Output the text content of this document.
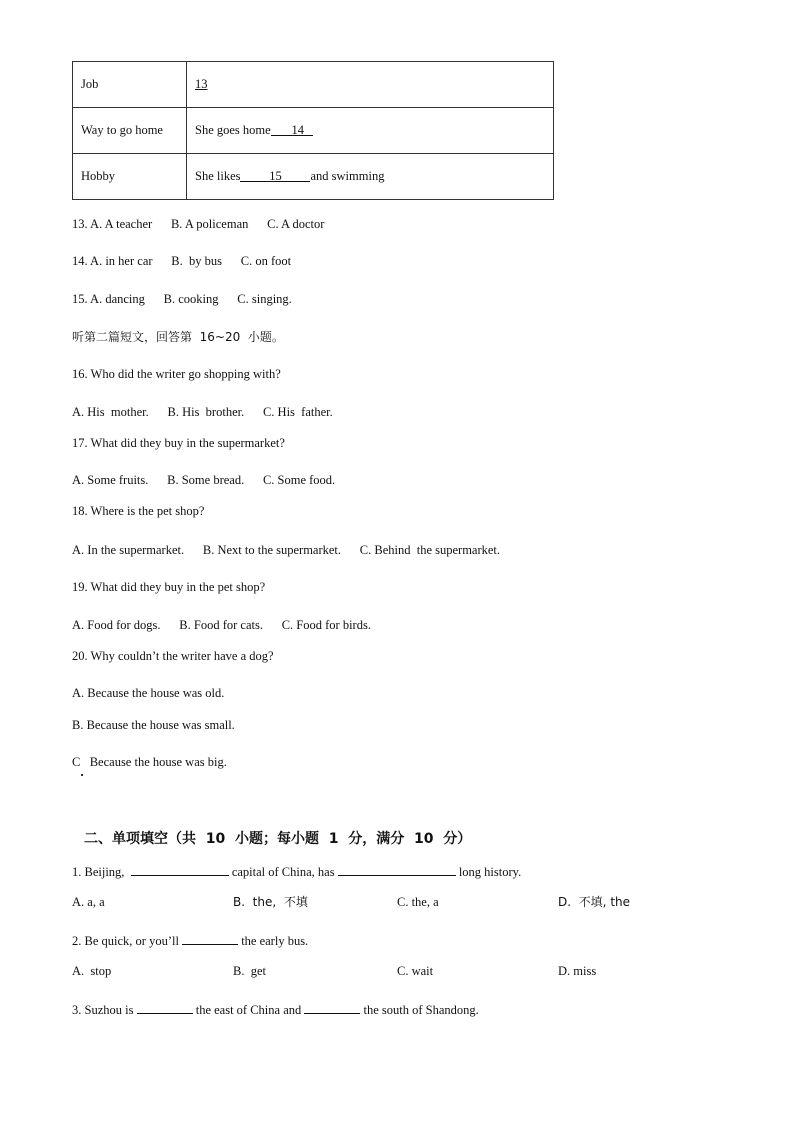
Job	13
Way to go home	She goes home 14
Hobby	She likes 15 and swimming
13. A. A teacher      B. A policeman      C. A doctor
14. A. in her car      B.  by bus      C. on foot
15. A. dancing      B. cooking      C. singing.
听第二篇短文，回答第  16~20  小题。
16. Who did the writer go shopping with?
A. His  mother.      B. His  brother.      C. His  father.
17. What did they buy in the supermarket?
A. Some fruits.      B. Some bread.      C. Some food.
18. Where is the pet shop?
A. In the supermarket.      B. Next to the supermarket.      C. Behind  the supermarket.
19. What did they buy in the pet shop?
A. Food for dogs.      B. Food for cats.      C. Food for birds.
20. Why couldn’t the writer have a dog?
A. Because the house was old.
B. Because the house was small.
C   Because the house was big.
二、单项填空（共  10  小题；每小题  1  分，满分  10  分）
1. Beijing,	capital of China, has	long history.
A. a, a	B.  the,  不填	C. the, a	D.  不填, the
2. Be quick, or you’ll	the early bus.
A.  stop	B.  get	C. wait	D. miss
3. Suzhou is	the east of China and	the south of Shandong.
